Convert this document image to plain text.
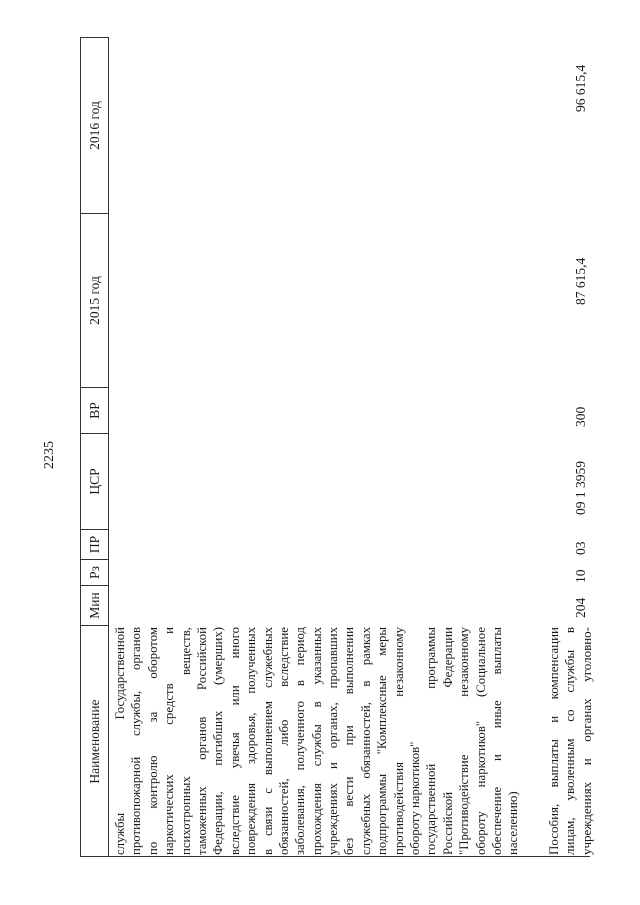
2235
Наименование
Мин
Рз
ПР
ЦСР
ВР
2015 год
2016 год
службы Государственной противопожарной службы, органов по контролю за оборотом наркотических средств и психотропных веществ, таможенных органов Российской Федерации, погибших (умерших) вследствие увечья или иного повреждения здоровья, полученных в связи с выполнением служебных обязанностей, либо вследствие заболевания, полученного в период прохождения службы в указанных учреждениях и органах, пропавших без вести при выполнении служебных обязанностей, в рамках подпрограммы "Комплексные меры противодействия незаконному обороту наркотиков" государственной программы Российской Федерации "Противодействие незаконному обороту наркотиков" (Социальное обеспечение и иные выплаты населению)
204
10
03
09 1 3959
300
87 615,4
96 615,4
Пособия, выплаты и компенсации лицам, уволенным со службы в учреждениях и органах уголовно-
